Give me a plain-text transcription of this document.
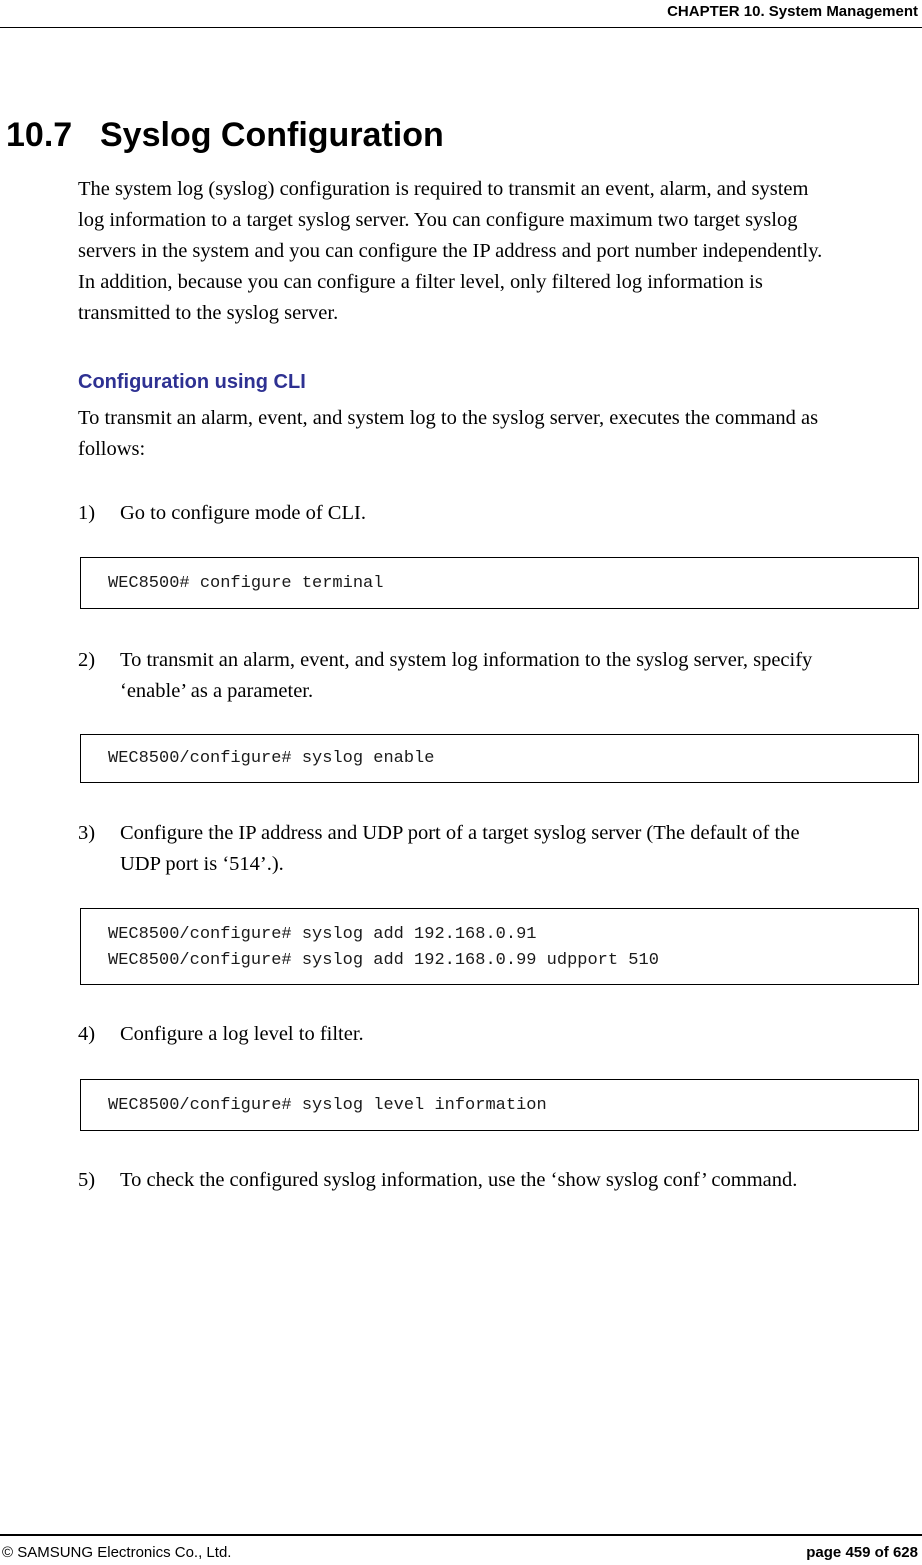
CHAPTER 10. System Management
10.7 Syslog Configuration
The system log (syslog) configuration is required to transmit an event, alarm, and system
log information to a target syslog server. You can configure maximum two target syslog
servers in the system and you can configure the IP address and port number independently.
In addition, because you can configure a filter level, only filtered log information is
transmitted to the syslog server.
Configuration using CLI
To transmit an alarm, event, and system log to the syslog server, executes the command as
follows:
1) Go to configure mode of CLI.
WEC8500# configure terminal
2) To transmit an alarm, event, and system log information to the syslog server, specify
‘enable’ as a parameter.
WEC8500/configure# syslog enable
3) Configure the IP address and UDP port of a target syslog server (The default of the
UDP port is ‘514’.).
WEC8500/configure# syslog add 192.168.0.91
WEC8500/configure# syslog add 192.168.0.99 udpport 510
4) Configure a log level to filter.
WEC8500/configure# syslog level information
5) To check the configured syslog information, use the ‘show syslog conf’ command.
© SAMSUNG Electronics Co., Ltd.	page 459 of 628
